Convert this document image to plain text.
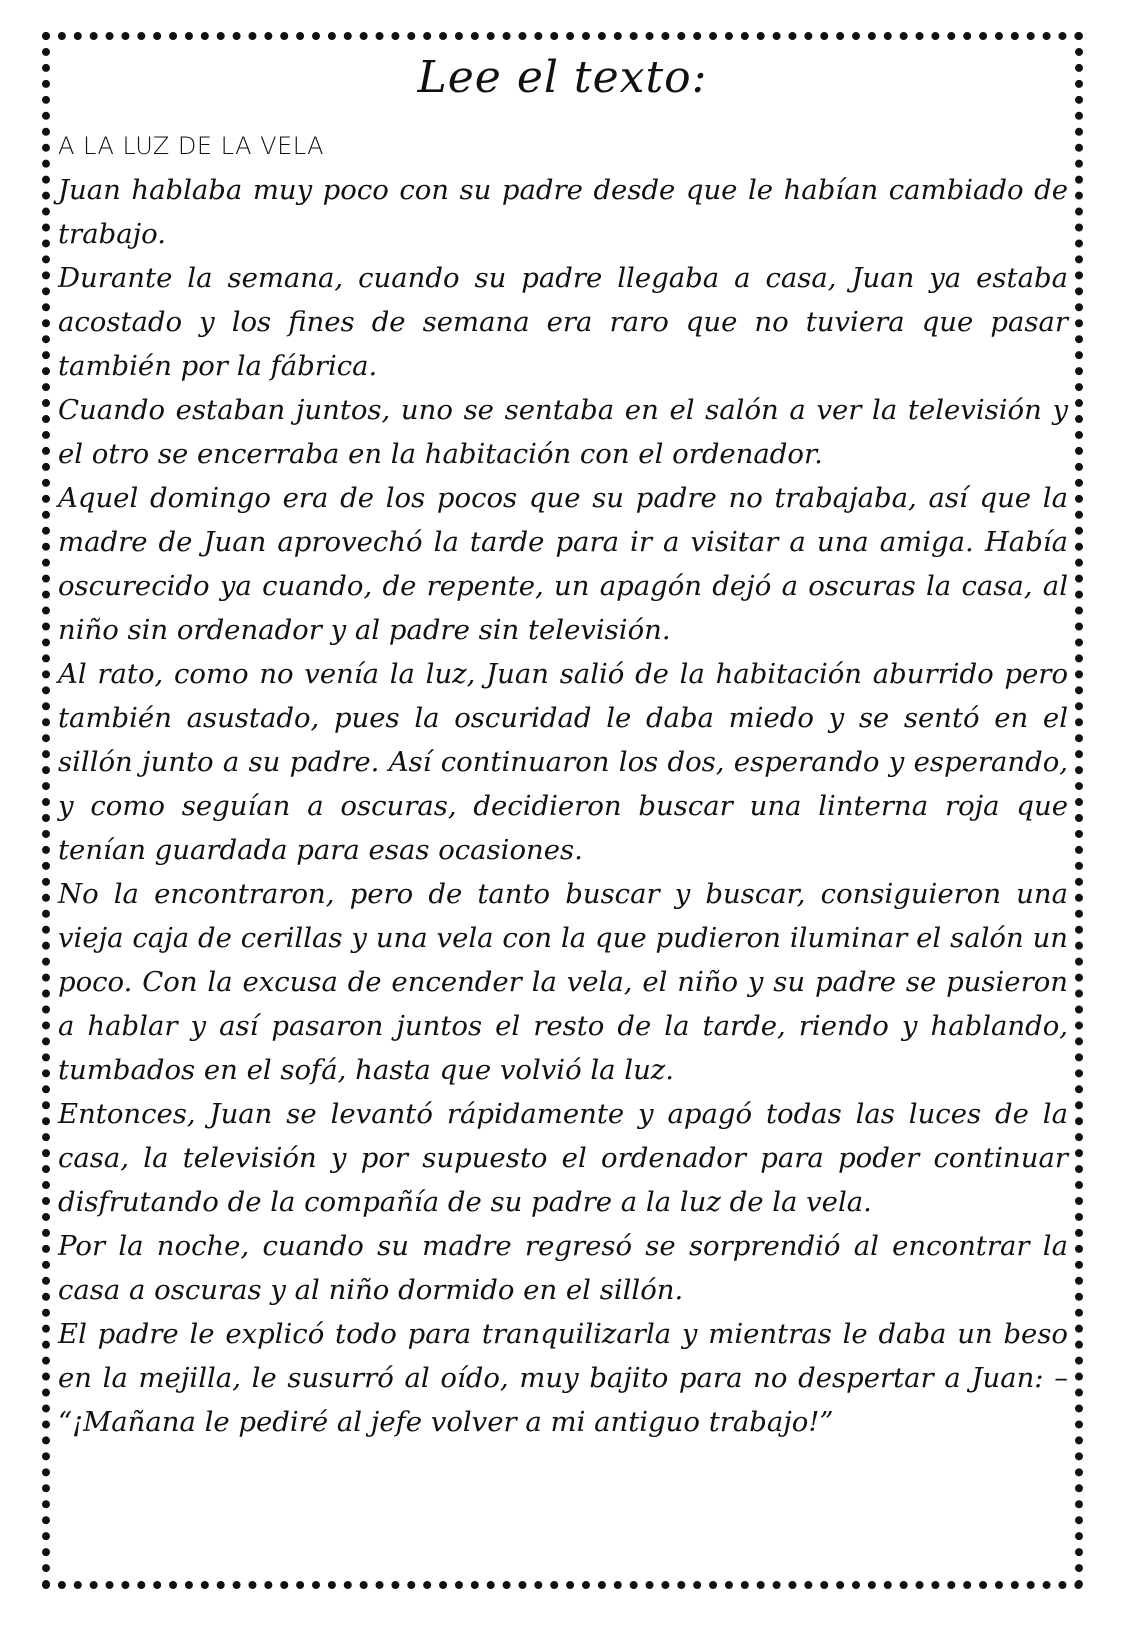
Lee el texto:

A LA LUZ DE LA VELA

Juan hablaba muy poco con su padre desde que le habían cambiado de trabajo.

Durante la semana, cuando su padre llegaba a casa, Juan ya estaba acostado y los fines de semana era raro que no tuviera que pasar también por la fábrica.

Cuando estaban juntos, uno se sentaba en el salón a ver la televisión y el otro se encerraba en la habitación con el ordenador.

Aquel domingo era de los pocos que su padre no trabajaba, así que la madre de Juan aprovechó la tarde para ir a visitar a una amiga. Había oscurecido ya cuando, de repente, un apagón dejó a oscuras la casa, al niño sin ordenador y al padre sin televisión.

Al rato, como no venía la luz, Juan salió de la habitación aburrido pero también asustado, pues la oscuridad le daba miedo y se sentó en el sillón junto a su padre. Así continuaron los dos, esperando y esperando, y como seguían a oscuras, decidieron buscar una linterna roja que tenían guardada para esas ocasiones.

No la encontraron, pero de tanto buscar y buscar, consiguieron una vieja caja de cerillas y una vela con la que pudieron iluminar el salón un poco. Con la excusa de encender la vela, el niño y su padre se pusieron a hablar y así pasaron juntos el resto de la tarde, riendo y hablando, tumbados en el sofá, hasta que volvió la luz.

Entonces, Juan se levantó rápidamente y apagó todas las luces de la casa, la televisión y por supuesto el ordenador para poder continuar disfrutando de la compañía de su padre a la luz de la vela.

Por la noche, cuando su madre regresó se sorprendió al encontrar la casa a oscuras y al niño dormido en el sillón.

El padre le explicó todo para tranquilizarla y mientras le daba un beso en la mejilla, le susurró al oído, muy bajito para no despertar a Juan: – “¡Mañana le pediré al jefe volver a mi antiguo trabajo!”
